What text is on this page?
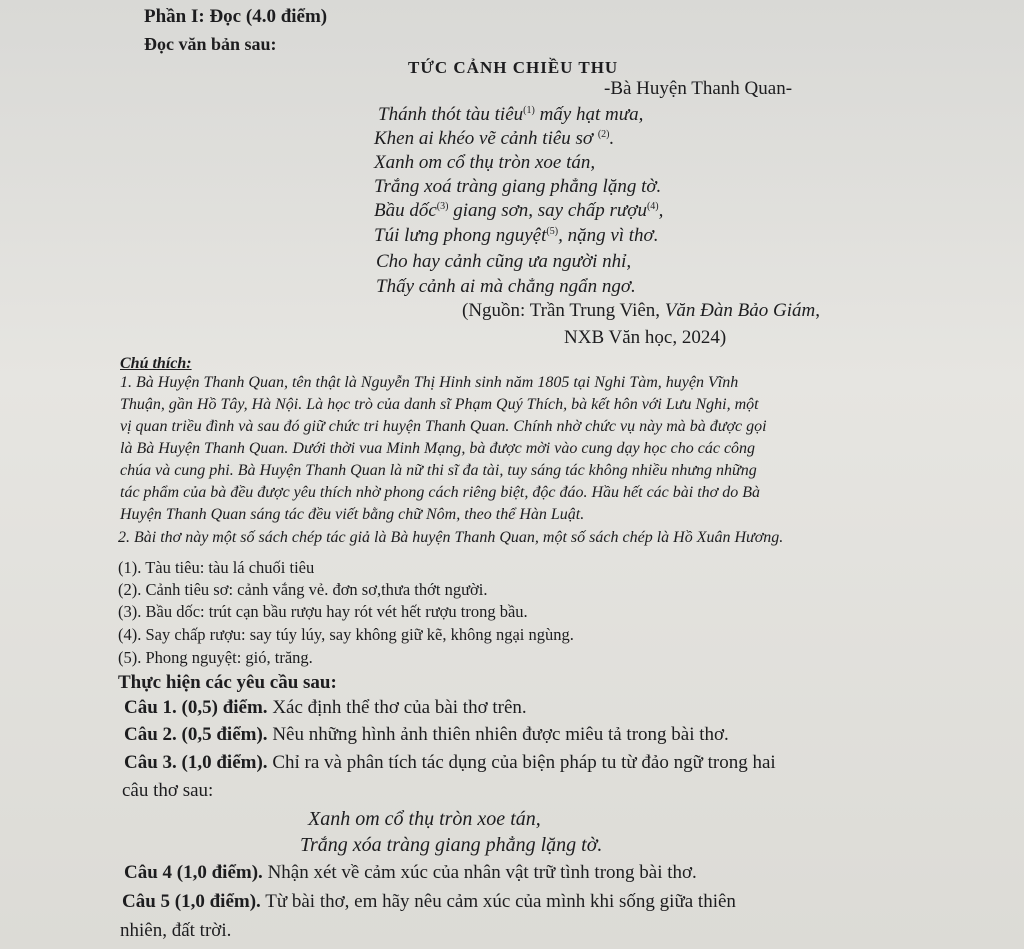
Phần I: Đọc (4.0 điểm)
Đọc văn bản sau:
TỨC CẢNH CHIỀU THU
-Bà Huyện Thanh Quan-
Thánh thót tàu tiêu$^{(1)}$ mấy hạt mưa,
Khen ai khéo vẽ cảnh tiêu sơ $^{(2)}$.
Xanh om cổ thụ tròn xoe tán,
Trắng xoá tràng giang phẳng lặng tờ.
Bầu dốc$^{(3)}$ giang sơn, say chấp rượu$^{(4)}$,
Túi lưng phong nguyệt$^{(5)}$, nặng vì thơ.
Cho hay cảnh cũng ưa người nhỉ,
Thấy cảnh ai mà chẳng ngẩn ngơ.
(Nguồn: Trần Trung Viên, Văn Đàn Bảo Giám,
NXB Văn học, 2024)
Chú thích:
1. Bà Huyện Thanh Quan, tên thật là Nguyễn Thị Hinh sinh năm 1805 tại Nghi Tàm, huyện Vĩnh
Thuận, gần Hồ Tây, Hà Nội. Là học trò của danh sĩ Phạm Quý Thích, bà kết hôn với Lưu Nghi, một
vị quan triều đình và sau đó giữ chức tri huyện Thanh Quan. Chính nhờ chức vụ này mà bà được gọi
là Bà Huyện Thanh Quan. Dưới thời vua Minh Mạng, bà được mời vào cung dạy học cho các công
chúa và cung phi. Bà Huyện Thanh Quan là nữ thi sĩ đa tài, tuy sáng tác không nhiều nhưng những
tác phẩm của bà đều được yêu thích nhờ phong cách riêng biệt, độc đáo. Hầu hết các bài thơ do Bà
Huyện Thanh Quan sáng tác đều viết bằng chữ Nôm, theo thể Hàn Luật.
2. Bài thơ này một số sách chép tác giả là Bà huyện Thanh Quan, một số sách chép là Hồ Xuân Hương.
(1). Tàu tiêu: tàu lá chuối tiêu
(2). Cảnh tiêu sơ: cảnh vắng vẻ. đơn sơ,thưa thớt người.
(3). Bầu dốc: trút cạn bầu rượu hay rót vét hết rượu trong bầu.
(4). Say chấp rượu: say túy lúy, say không giữ kẽ, không ngại ngùng.
(5). Phong nguyệt: gió, trăng.
Thực hiện các yêu cầu sau:
Câu 1. (0,5) điểm. Xác định thể thơ của bài thơ trên.
Câu 2. (0,5 điểm). Nêu những hình ảnh thiên nhiên được miêu tả trong bài thơ.
Câu 3. (1,0 điểm). Chỉ ra và phân tích tác dụng của biện pháp tu từ đảo ngữ trong hai
câu thơ sau:
Xanh om cổ thụ tròn xoe tán,
Trắng xóa tràng giang phẳng lặng tờ.
Câu 4 (1,0 điểm). Nhận xét về cảm xúc của nhân vật trữ tình trong bài thơ.
Câu 5 (1,0 điểm). Từ bài thơ, em hãy nêu cảm xúc của mình khi sống giữa thiên
nhiên, đất trời.
